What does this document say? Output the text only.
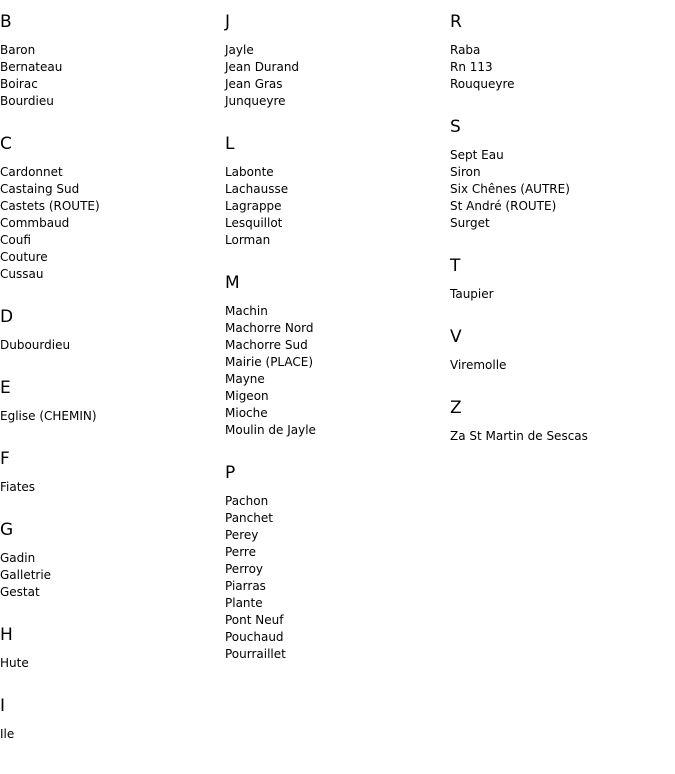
B
Baron
Bernateau
Boirac
Bourdieu
C
Cardonnet
Castaing Sud
Castets (ROUTE)
Commbaud
Coufi
Couture
Cussau
D
Dubourdieu
E
Eglise (CHEMIN)
F
Fiates
G
Gadin
Galletrie
Gestat
H
Hute
I
Ile
J
Jayle
Jean Durand
Jean Gras
Junqueyre
L
Labonte
Lachausse
Lagrappe
Lesquillot
Lorman
M
Machin
Machorre Nord
Machorre Sud
Mairie (PLACE)
Mayne
Migeon
Mioche
Moulin de Jayle
P
Pachon
Panchet
Perey
Perre
Perroy
Piarras
Plante
Pont Neuf
Pouchaud
Pourraillet
R
Raba
Rn 113
Rouqueyre
S
Sept Eau
Siron
Six Chênes (AUTRE)
St André (ROUTE)
Surget
T
Taupier
V
Viremolle
Z
Za St Martin de Sescas
